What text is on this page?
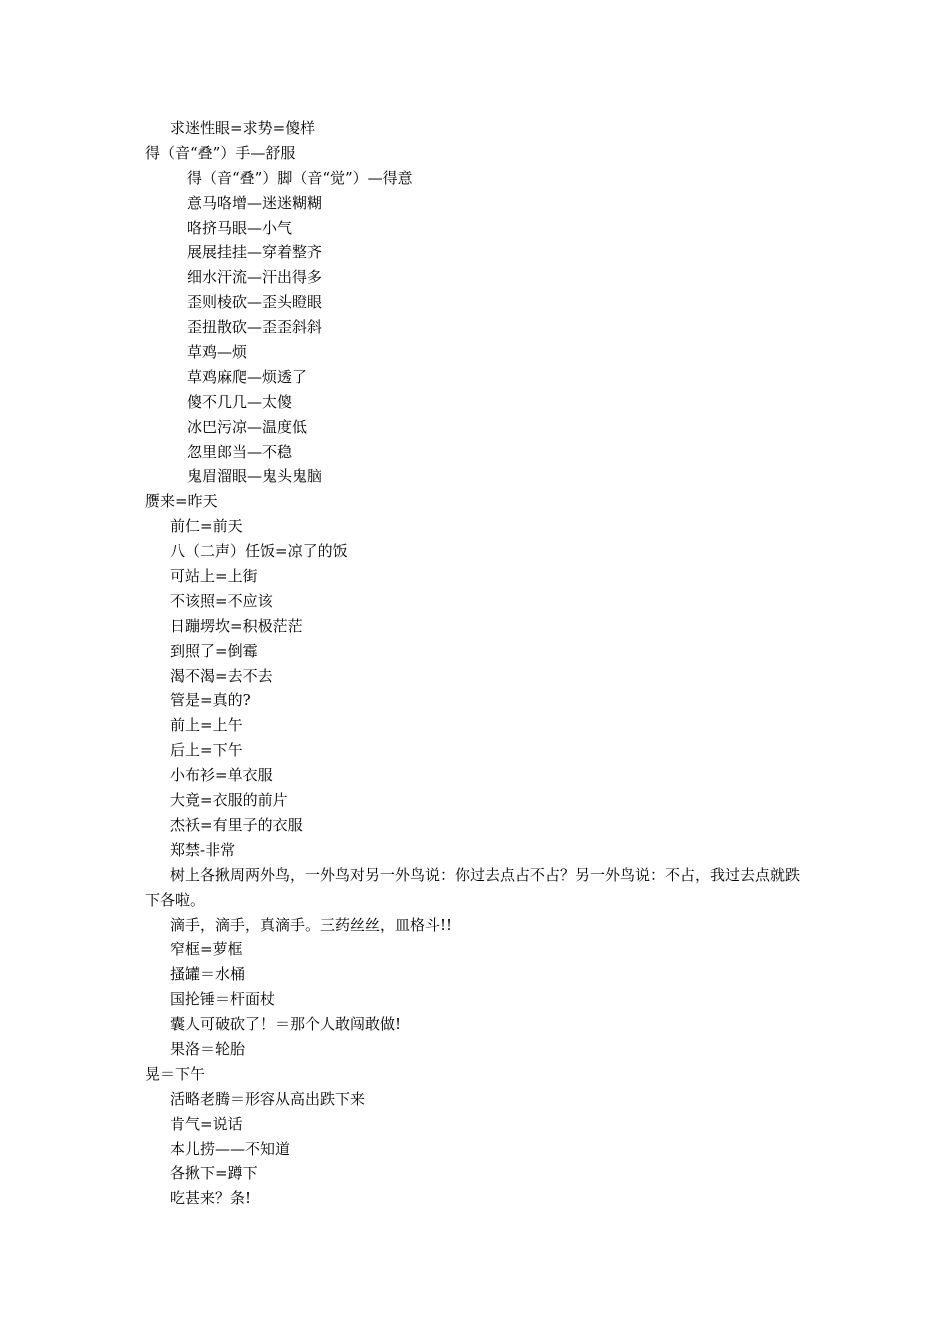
求迷性眼=求势=傻样
得（音“叠”）手—舒服
得（音“叠”）脚（音“觉”）—得意
意马咯增—迷迷糊糊
咯挤马眼—小气
展展挂挂—穿着整齐
细水汗流—汗出得多
歪则棱砍—歪头瞪眼
歪扭散砍—歪歪斜斜
草鸡—烦
草鸡麻爬—烦透了
傻不几几—太傻
冰巴污凉—温度低
忽里郎当—不稳
鬼眉溜眼—鬼头鬼脑
赝来=昨天
前仁=前天
八（二声）任饭=凉了的饭
可站上=上街
不该照=不应该
日蹦塄坎=积极茫茫
到照了=倒霉
渴不渴=去不去
管是=真的?
前上=上午
后上=下午
小布衫=单衣服
大竟=衣服的前片
杰袄=有里子的衣服
郑禁-非常
树上各揪周两外鸟，一外鸟对另一外鸟说：你过去点占不占？另一外鸟说：不占，我过去点就跌下各啦。
滴手，滴手，真滴手。三药丝丝，皿格斗!!
窄框=萝框
搔罐＝水桶
国抡锤＝杆面杖
囊人可破砍了！＝那个人敢闯敢做!
果洛＝轮胎
晃＝下午
活略老腾＝形容从高出跌下来
肯气=说话
本儿捞——不知道
各揪下=蹲下
吃甚来？条!
